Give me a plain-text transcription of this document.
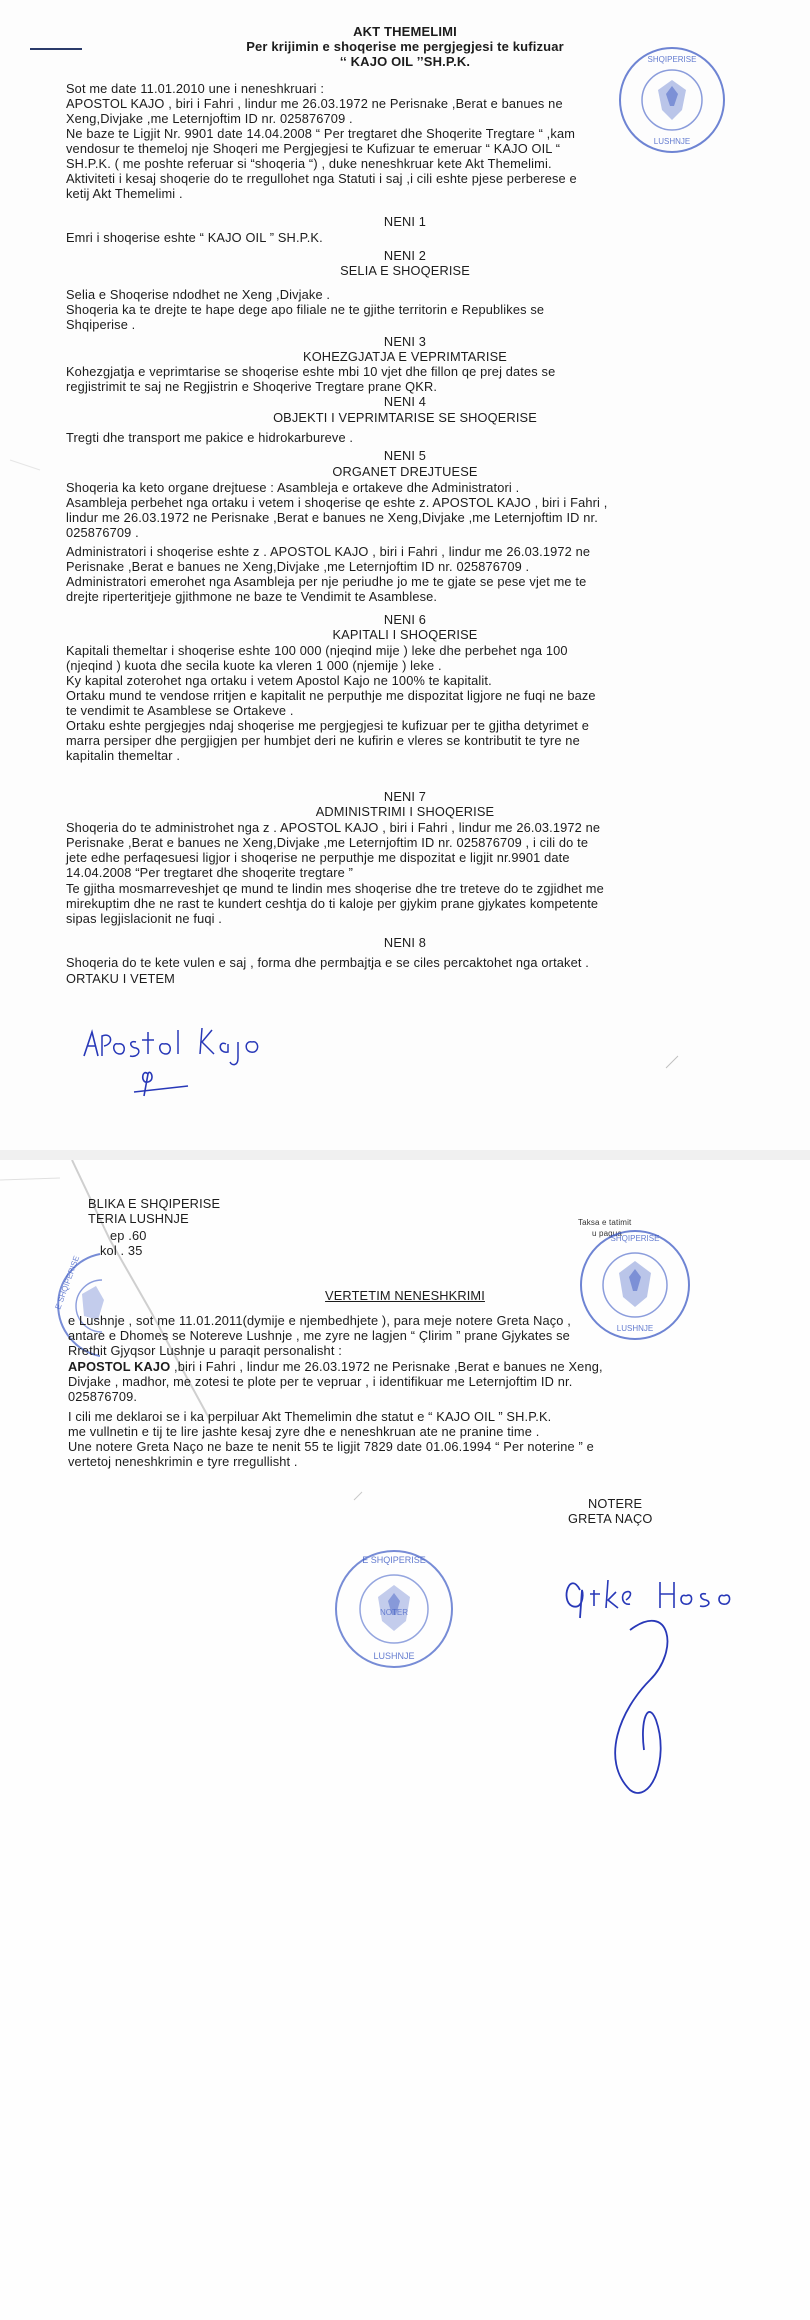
AKT THEMELIMI
Per krijimin e shoqerise me pergjegjesi te kufizuar
‘‘ KAJO OIL ’’SH.P.K.
Sot me date 11.01.2010 une i neneshkruari :
APOSTOL KAJO , biri i Fahri , lindur me 26.03.1972 ne Perisnake ,Berat e banues ne
Xeng,Divjake ,me Leternjoftim ID nr. 025876709 .
Ne baze te Ligjit Nr. 9901 date 14.04.2008 “ Per tregtaret dhe Shoqerite Tregtare “ ,kam
vendosur te themeloj nje Shoqeri me Pergjegjesi te Kufizuar te emeruar “ KAJO OIL “
SH.P.K. ( me poshte referuar si “shoqeria “) , duke neneshkruar kete Akt Themelimi.
Aktiviteti i kesaj shoqerie do te rregullohet nga Statuti i saj ,i cili eshte pjese perberese e
ketij Akt Themelimi .
NENI 1
Emri i shoqerise eshte “ KAJO OIL ” SH.P.K.
NENI 2
SELIA E SHOQERISE
Selia e Shoqerise ndodhet ne Xeng ,Divjake .
Shoqeria ka te drejte te hape dege apo filiale ne te gjithe territorin e Republikes se
Shqiperise .
NENI 3
KOHEZGJATJA E VEPRIMTARISE
Kohezgjatja e veprimtarise se shoqerise eshte mbi 10 vjet dhe fillon qe prej dates se
regjistrimit te saj ne Regjistrin e Shoqerive Tregtare prane QKR.
NENI 4
OBJEKTI I VEPRIMTARISE SE SHOQERISE
Tregti dhe transport me pakice e hidrokarbureve .
NENI 5
ORGANET DREJTUESE
Shoqeria ka keto organe drejtuese : Asambleja e ortakeve dhe Administratori .
Asambleja perbehet nga ortaku i vetem i shoqerise qe eshte z. APOSTOL KAJO , biri i Fahri ,
lindur me 26.03.1972 ne Perisnake ,Berat e banues ne Xeng,Divjake ,me Leternjoftim ID nr.
025876709 .
Administratori i shoqerise eshte z . APOSTOL KAJO , biri i Fahri , lindur me 26.03.1972 ne
Perisnake ,Berat e banues ne Xeng,Divjake ,me Leternjoftim ID nr. 025876709 .
Administratori emerohet nga Asambleja per nje periudhe jo me te gjate se pese vjet me te
drejte riperteritjeje gjithmone ne baze te Vendimit te Asamblese.
NENI 6
KAPITALI I SHOQERISE
Kapitali themeltar i shoqerise eshte 100 000 (njeqind mije ) leke dhe perbehet nga 100
(njeqind ) kuota dhe secila kuote ka vleren 1 000 (njemije ) leke .
Ky kapital zoterohet nga ortaku i vetem Apostol Kajo ne 100% te kapitalit.
Ortaku mund te vendose rritjen e kapitalit ne perputhje me dispozitat ligjore ne fuqi ne baze
te vendimit te Asamblese se Ortakeve .
Ortaku eshte pergjegjes ndaj shoqerise me pergjegjesi te kufizuar per te gjitha detyrimet e
marra persiper dhe pergjigjen per humbjet deri ne kufirin e vleres se kontributit te tyre ne
kapitalin themeltar .
NENI 7
ADMINISTRIMI I SHOQERISE
Shoqeria do te administrohet nga z . APOSTOL KAJO , biri i Fahri , lindur me 26.03.1972 ne
Perisnake ,Berat e banues ne Xeng,Divjake ,me Leternjoftim ID nr. 025876709 , i cili do te
jete edhe perfaqesuesi ligjor i shoqerise ne perputhje me dispozitat e ligjit nr.9901 date
14.04.2008 “Per tregtaret dhe shoqerite tregtare ”
Te gjitha mosmarreveshjet qe mund te lindin mes shoqerise dhe tre treteve do te zgjidhet me
mirekuptim dhe ne rast te kundert ceshtja do ti kaloje per gjykim prane gjykates kompetente
sipas legjislacionit ne fuqi .
NENI 8
Shoqeria do te kete vulen e saj , forma dhe permbajtja e se ciles percaktohet nga ortaket .
ORTAKU I VETEM
SHQIPERISE
LUSHNJE
BLIKA E SHQIPERISE
TERIA LUSHNJE
ep .60
kol . 35
Taksa e tatimit
u pagua
E SHQIPERISE
SHQIPERISE
LUSHNJE
VERTETIM NENESHKRIMI
e Lushnje , sot me 11.01.2011(dymije e njembedhjete ), para meje notere Greta Naço ,
antare e Dhomes se Notereve Lushnje , me zyre ne lagjen “ Çlirim ” prane Gjykates se
Rrethit Gjyqsor Lushnje u paraqit personalisht :
APOSTOL KAJO ,biri i Fahri , lindur me 26.03.1972 ne Perisnake ,Berat e banues ne Xeng,
Divjake , madhor, me zotesi te plote per te vepruar , i identifikuar me Leternjoftim ID nr.
025876709.
I cili me deklaroi se i ka perpiluar Akt Themelimin dhe statut e “ KAJO OIL ” SH.P.K.
me vullnetin e tij te lire jashte kesaj zyre dhe e neneshkruan ate ne pranine time .
Une notere Greta Naço ne baze te nenit 55 te ligjit 7829 date 01.06.1994 “ Per noterine ” e
vertetoj neneshkrimin e tyre rregullisht .
NOTERE
GRETA NAÇO
E SHQIPERISE
NOTER
LUSHNJE
